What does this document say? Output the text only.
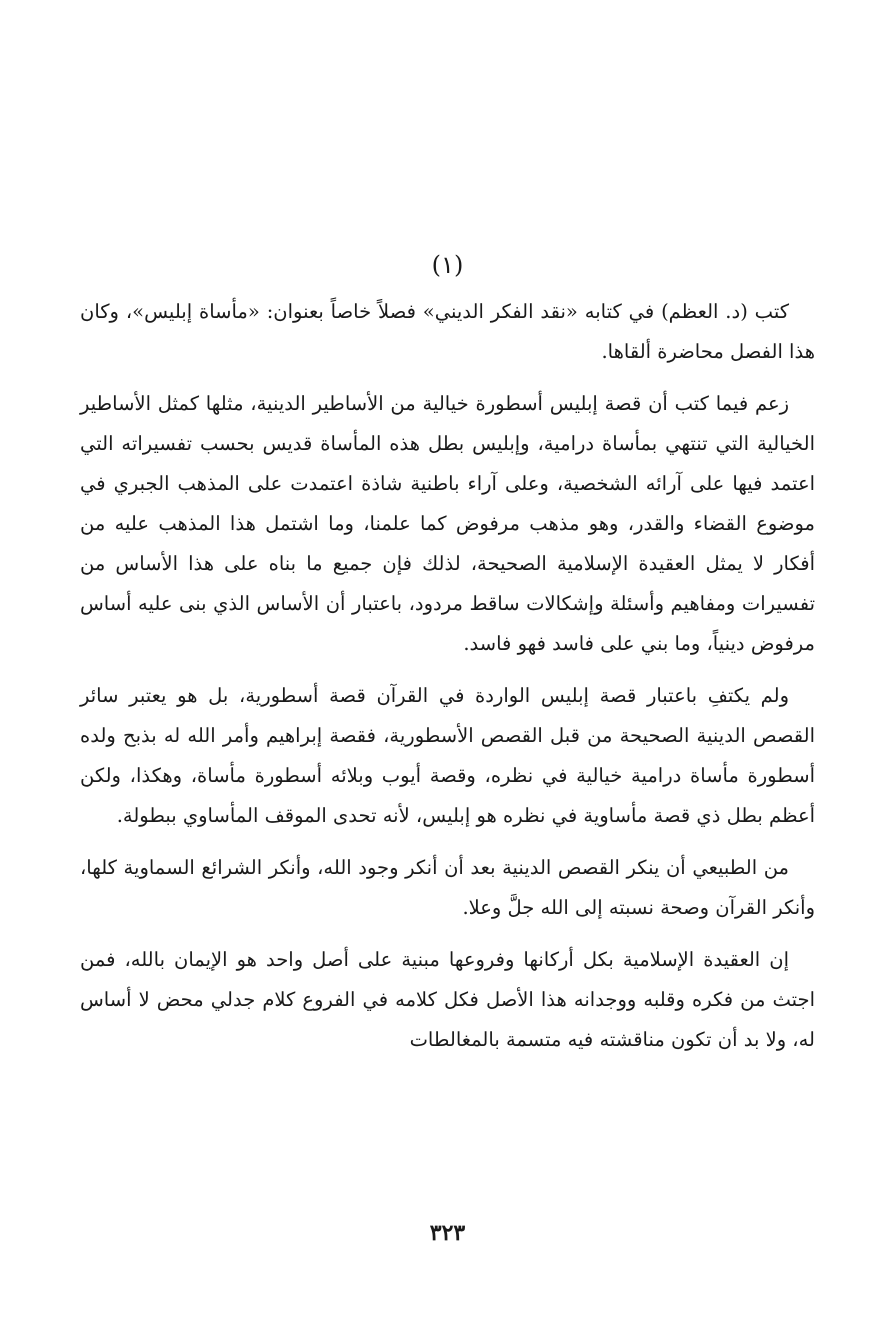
(١)

كتب (د. العظم) في كتابه «نقد الفكر الديني» فصلاً خاصاً بعنوان: «مأساة إبليس»، وكان هذا الفصل محاضرة ألقاها.

زعم فيما كتب أن قصة إبليس أسطورة خيالية من الأساطير الدينية، مثلها كمثل الأساطير الخيالية التي تنتهي بمأساة درامية، وإبليس بطل هذه المأساة قديس بحسب تفسيراته التي اعتمد فيها على آرائه الشخصية، وعلى آراء باطنية شاذة اعتمدت على المذهب الجبري في موضوع القضاء والقدر، وهو مذهب مرفوض كما علمنا، وما اشتمل هذا المذهب عليه من أفكار لا يمثل العقيدة الإسلامية الصحيحة، لذلك فإن جميع ما بناه على هذا الأساس من تفسيرات ومفاهيم وأسئلة وإشكالات ساقط مردود، باعتبار أن الأساس الذي بنى عليه أساس مرفوض دينياً، وما بني على فاسد فهو فاسد.

ولم يكتفِ باعتبار قصة إبليس الواردة في القرآن قصة أسطورية، بل هو يعتبر سائر القصص الدينية الصحيحة من قبل القصص الأسطورية، فقصة إبراهيم وأمر الله له بذبح ولده أسطورة مأساة درامية خيالية في نظره، وقصة أيوب وبلائه أسطورة مأساة، وهكذا، ولكن أعظم بطل ذي قصة مأساوية في نظره هو إبليس، لأنه تحدى الموقف المأساوي ببطولة.

من الطبيعي أن ينكر القصص الدينية بعد أن أنكر وجود الله، وأنكر الشرائع السماوية كلها، وأنكر القرآن وصحة نسبته إلى الله جلَّ وعلا.

إن العقيدة الإسلامية بكل أركانها وفروعها مبنية على أصل واحد هو الإيمان بالله، فمن اجتث من فكره وقلبه ووجدانه هذا الأصل فكل كلامه في الفروع كلام جدلي محض لا أساس له، ولا بد أن تكون مناقشته فيه متسمة بالمغالطات

٣٢٣
